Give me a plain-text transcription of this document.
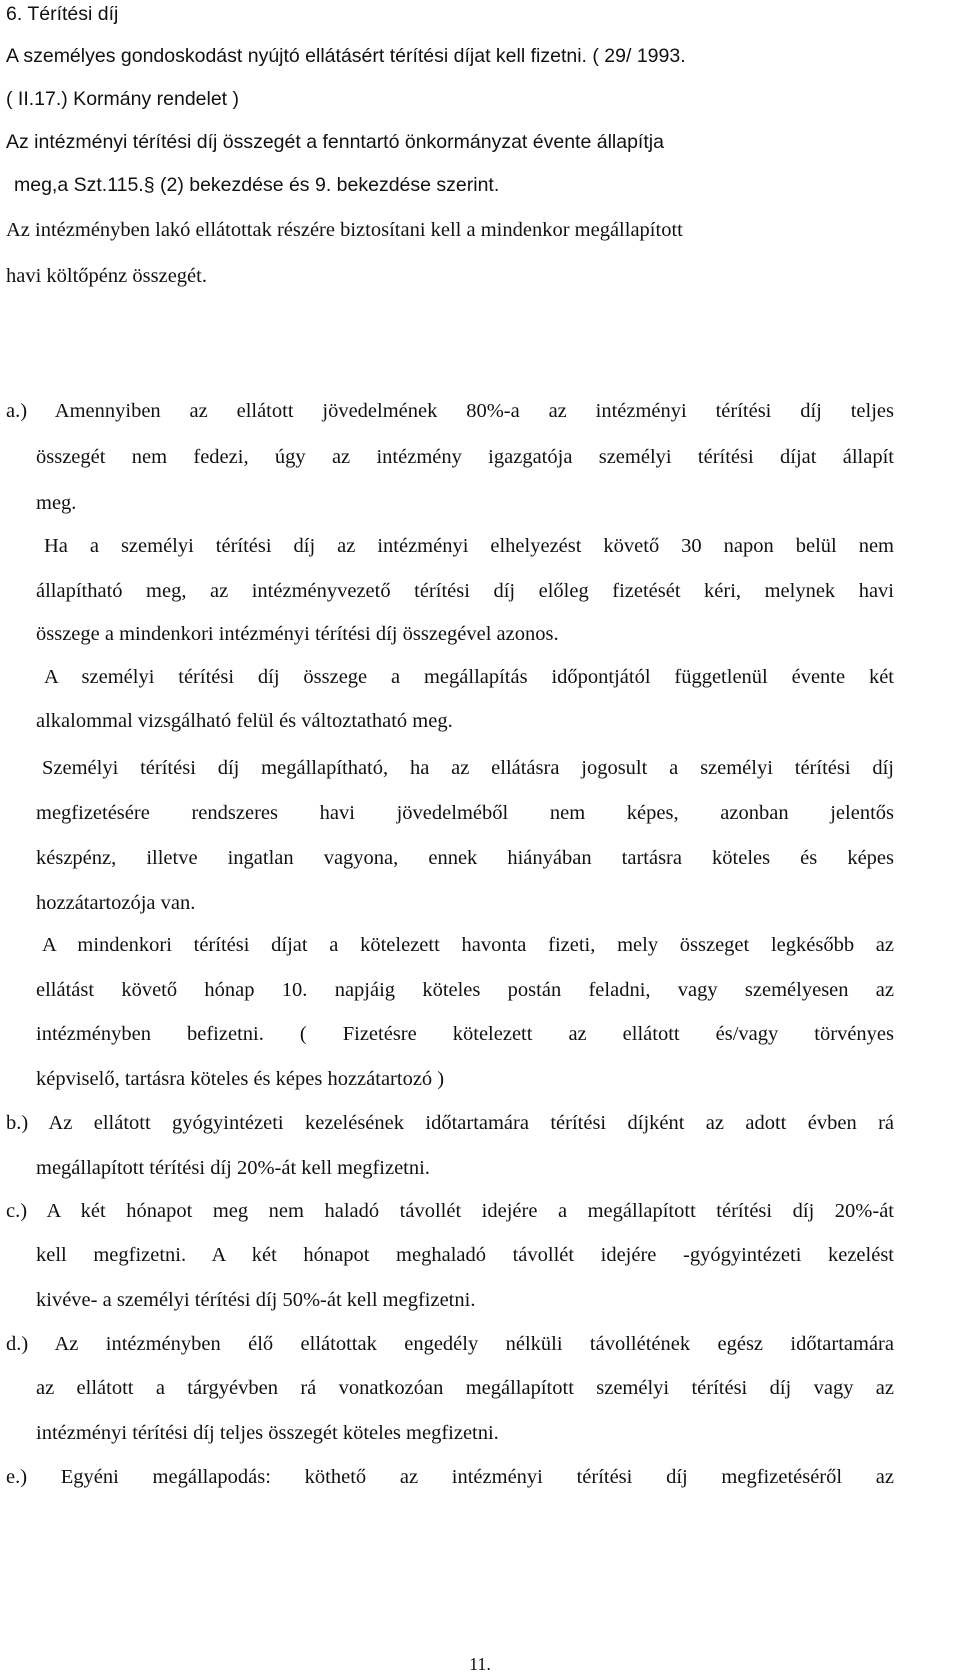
6. Térítési díj

A személyes gondoskodást nyújtó ellátásért térítési díjat kell fizetni. ( 29/ 1993.

( II.17.) Kormány rendelet )

Az intézményi térítési díj összegét a fenntartó önkormányzat évente állapítja

meg,a Szt.115.§ (2) bekezdése és 9. bekezdése szerint.

Az intézményben lakó ellátottak részére biztosítani kell a mindenkor megállapított

havi költőpénz összegét.

a.) Amennyiben az ellátott jövedelmének 80%-a az intézményi térítési díj teljes

összegét nem fedezi, úgy az intézmény igazgatója személyi térítési díjat állapít

meg.

Ha a személyi térítési díj az intézményi elhelyezést követő 30 napon belül nem

állapítható meg, az intézményvezető térítési díj előleg fizetését kéri, melynek havi

összege a mindenkori intézményi térítési díj összegével azonos.

A személyi térítési díj összege a megállapítás időpontjától függetlenül évente két

alkalommal vizsgálható felül és változtatható meg.

Személyi térítési díj megállapítható, ha az ellátásra jogosult a személyi térítési díj

megfizetésére rendszeres havi jövedelméből nem képes, azonban jelentős

készpénz, illetve ingatlan vagyona, ennek hiányában tartásra köteles és képes

hozzátartozója van.

A mindenkori térítési díjat a kötelezett havonta fizeti, mely összeget legkésőbb az

ellátást követő hónap 10. napjáig köteles postán feladni, vagy személyesen az

intézményben befizetni. ( Fizetésre kötelezett az ellátott és/vagy törvényes

képviselő, tartásra köteles és képes hozzátartozó )

b.) Az ellátott gyógyintézeti kezelésének időtartamára térítési díjként az adott évben rá

megállapított térítési díj 20%-át kell megfizetni.

c.) A két hónapot meg nem haladó távollét idejére a megállapított térítési díj 20%-át

kell megfizetni. A két hónapot meghaladó távollét idejére -gyógyintézeti kezelést

kivéve- a személyi térítési díj 50%-át kell megfizetni.

d.) Az intézményben élő ellátottak engedély nélküli távollétének egész időtartamára

az ellátott a tárgyévben rá vonatkozóan megállapított személyi térítési díj vagy az

intézményi térítési díj teljes összegét köteles megfizetni.

e.) Egyéni megállapodás: köthető az intézményi térítési díj megfizetéséről az

11.
